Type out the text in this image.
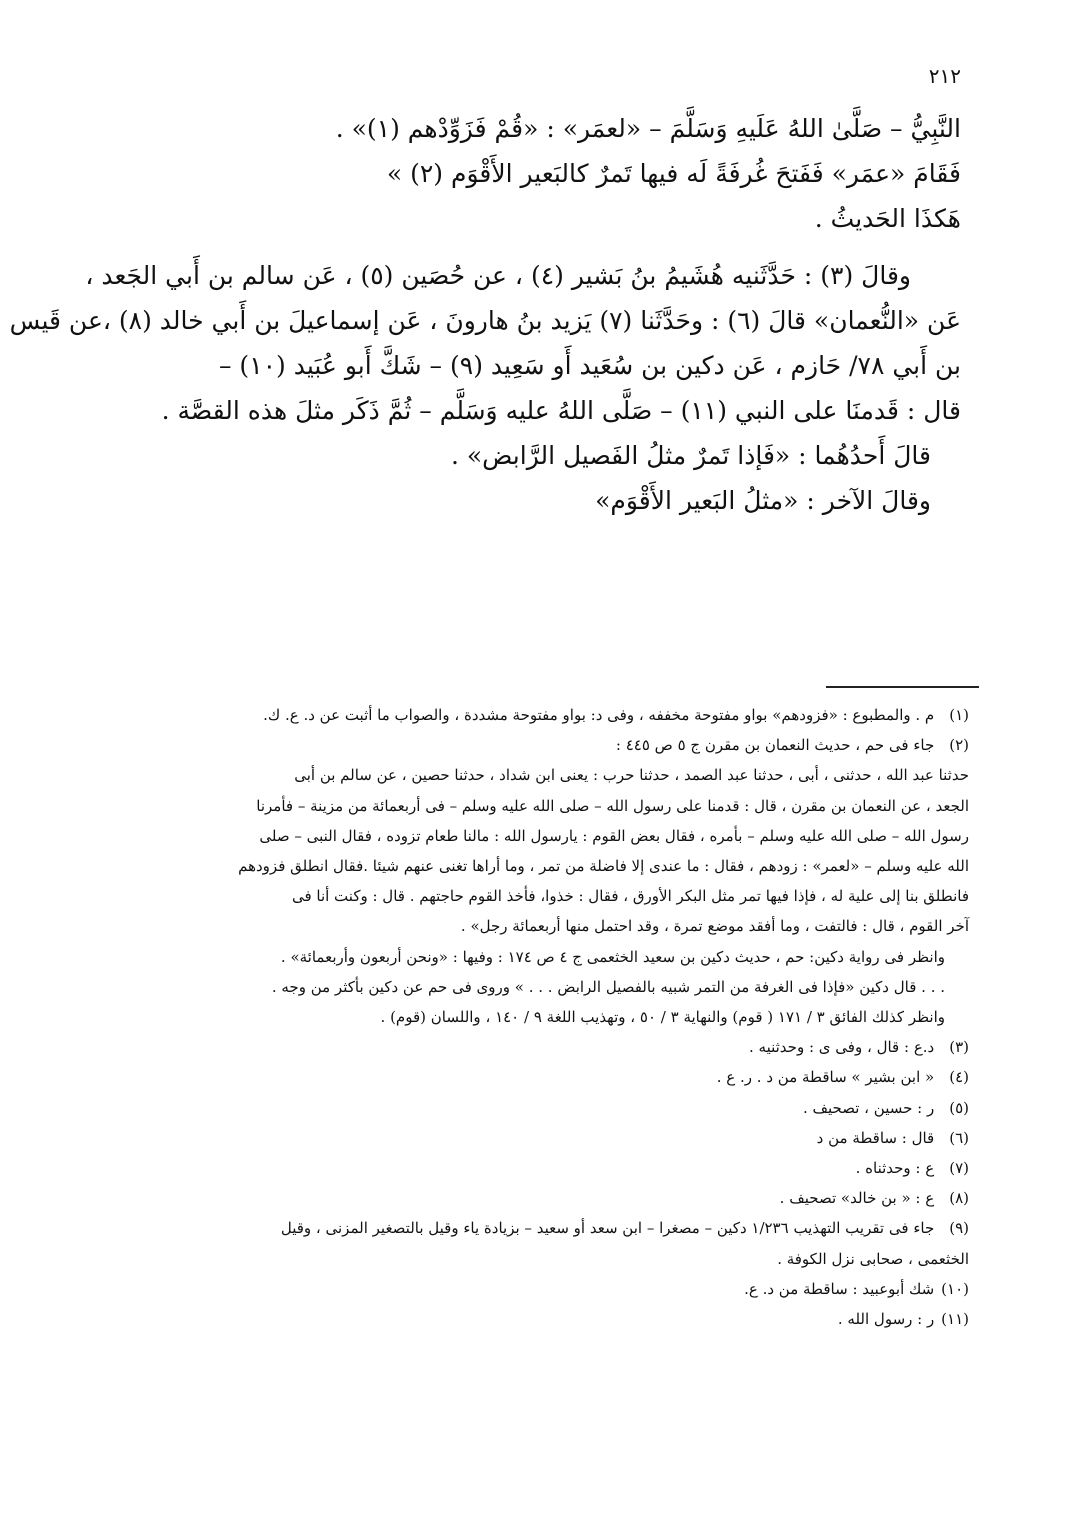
٢١٢
النَّبِيُّ – صَلَّىٰ اللهُ عَلَيهِ وَسَلَّمَ – «لعمَر» : «قُمْ فَزَوِّدْهم (١)» .
فَقَامَ «عمَر» فَفَتحَ غُرفَةً لَه فيها تَمرٌ كالبَعير الأَقْوَم (٢) »
هَكذَا الحَديثُ .
وقالَ (٣) : حَدَّثَنيه هُشَيمُ بنُ بَشير (٤) ، عن حُصَين (٥) ، عَن سالم بن أَبي الجَعد ،
عَن «النُّعمان» قالَ (٦) : وحَدَّثَنا (٧) يَزيد بنُ هارونَ ، عَن إسماعيلَ بن أَبي خالد (٨) ،عن قَيس
بن أَبي ٧٨/ حَازم ، عَن دكين بن سُعَيد أَو سَعِيد (٩) – شَكَّ أَبو عُبَيد (١٠) –
قال : قَدمنَا على النبي (١١) – صَلَّى اللهُ عليه وَسَلَّم – ثُمَّ ذَكَر مثلَ هذه القصَّة .
قالَ أَحدُهُما : «فَإذا تَمرٌ مثلُ الفَصيل الرَّابض» .
وقالَ الآخر : «مثلُ البَعير الأَقْوَم»
(١) م . والمطبوع : «فزودهم» بواو مفتوحة مخففه ، وفى د: بواو مفتوحة مشددة ، والصواب ما أثبت عن د. ع. ك.
(٢) جاء فى حم ، حديث النعمان بن مقرن ج ٥ ص ٤٤٥ :
حدثنا عبد الله ، حدثنى ، أبى ، حدثنا عبد الصمد ، حدثنا حرب : يعنى ابن شداد ، حدثنا حصين ، عن سالم بن أبى
الجعد ، عن النعمان بن مقرن ، قال : قدمنا على رسول الله – صلى الله عليه وسلم – فى أربعمائة من مزينة – فأمرنا
رسول الله – صلى الله عليه وسلم – بأمره ، فقال بعض القوم : يارسول الله : مالنا طعام تزوده ، فقال النبى – صلى
الله عليه وسلم – «لعمر» : زودهم ، فقال : ما عندى إلا فاضلة من تمر ، وما أراها تغنى عنهم شيئا .فقال انطلق فزودهم
فانطلق بنا إلى علية له ، فإذا فيها تمر مثل البكر الأورق ، فقال : خذوا، فأخذ القوم حاجتهم . قال : وكنت أنا فى
آخر القوم ، قال : فالتفت ، وما أفقد موضع تمرة ، وقد احتمل منها أربعمائة رجل» .
وانظر فى رواية دكين: حم ، حديث دكين بن سعيد الخثعمى ج ٤ ص ١٧٤ : وفيها : «ونحن أربعون وأربعمائة» .
. . . قال دكين «فإذا فى الغرفة من التمر شبيه بالفصيل الرابض . . . » وروى فى حم عن دكين بأكثر من وجه .
وانظر كذلك الفائق ٣ / ١٧١ ( قوم) والنهاية ٣ / ٥٠ ، وتهذيب اللغة ٩ / ١٤٠ ، واللسان (قوم) .
(٣) د.ع : قال ، وفى ى : وحدثنيه .
(٤) « ابن بشير » ساقطة من د . ر. ع .
(٥) ر : حسين ، تصحيف .
(٦) قال : ساقطة من د
(٧) ع : وحدثناه .
(٨) ع : « بن خالد» تصحيف .
(٩) جاء فى تقريب التهذيب ١/٢٣٦ دكين – مصغرا – ابن سعد أو سعيد – بزيادة ياء وقيل بالتصغير المزنى ، وقيل
الخثعمى ، صحابى نزل الكوفة .
(١٠) شك أبوعبيد : ساقطة من د. ع.
(١١) ر : رسول الله .
